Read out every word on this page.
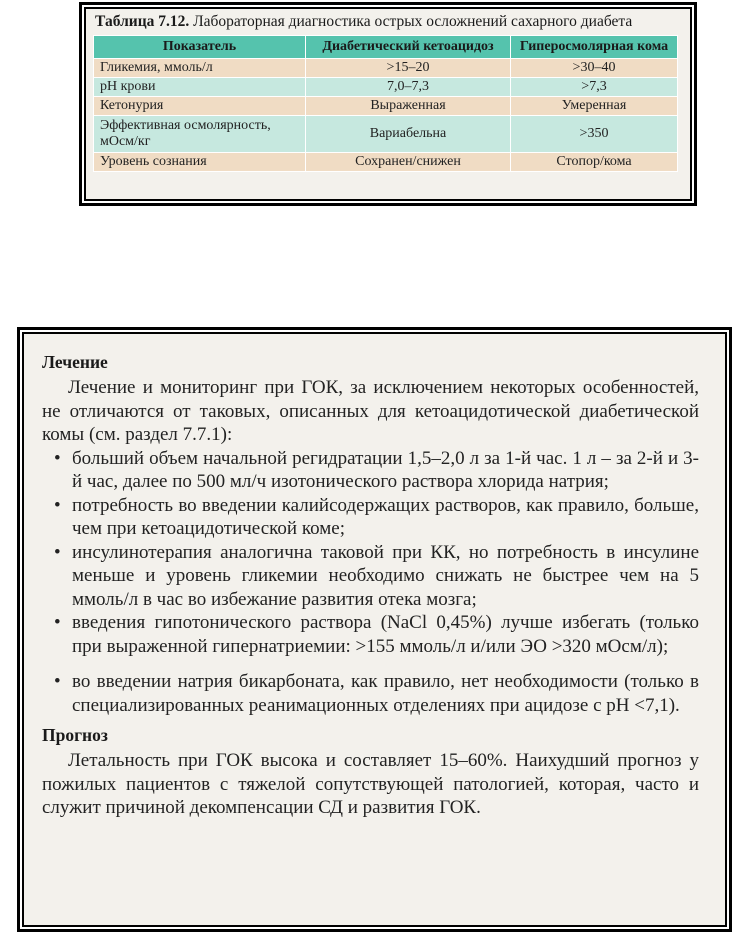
Таблица 7.12. Лабораторная диагностика острых осложнений сахарного диабета
Показатель	Диабетический кетоацидоз	Гиперосмолярная кома
Гликемия, ммоль/л	>15–20	>30–40
pH крови	7,0–7,3	>7,3
Кетонурия	Выраженная	Умеренная
Эффективная осмолярность, мОсм/кг	Вариабельна	>350
Уровень сознания	Сохранен/снижен	Стопор/кома
Лечение

Лечение и мониторинг при ГОК, за исключением некоторых особенностей, не отличаются от таковых, описанных для кетоацидотической диабетической комы (см. раздел 7.7.1):

• больший объем начальной регидратации 1,5–2,0 л за 1-й час. 1 л – за 2-й и 3-й час, далее по 500 мл/ч изотонического раствора хлорида натрия;
• потребность во введении калийсодержащих растворов, как правило, больше, чем при кетоацидотической коме;
• инсулинотерапия аналогична таковой при КК, но потребность в инсулине меньше и уровень гликемии необходимо снижать не быстрее чем на 5 ммоль/л в час во избежание развития отека мозга;
• введения гипотонического раствора (NaCl 0,45%) лучше избегать (только при выраженной гипернатриемии: >155 ммоль/л и/или ЭО >320 мОсм/л);
• во введении натрия бикарбоната, как правило, нет необходимости (только в специализированных реанимационных отделениях при ацидозе с pH <7,1).
Прогноз

Летальность при ГОК высока и составляет 15–60%. Наихудший прогноз у пожилых пациентов с тяжелой сопутствующей патологией, которая, часто и служит причиной декомпенсации СД и развития ГОК.
